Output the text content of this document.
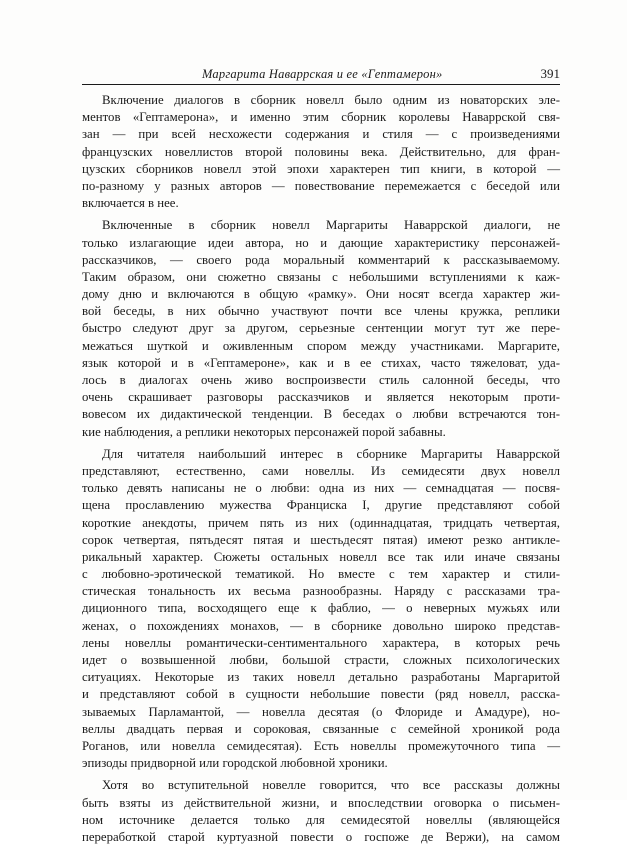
Маргарита Наваррская и ее «Гептамерон»	391
Включение диалогов в сборник новелл было одним из новаторских эле-
ментов «Гептамерона», и именно этим сборник королевы Наваррской свя-
зан — при всей несхожести содержания и стиля — с произведениями
французских новеллистов второй половины века. Действительно, для фран-
цузских сборников новелл этой эпохи характерен тип книги, в которой —
по-разному у разных авторов — повествование перемежается с беседой или
включается в нее.
Включенные в сборник новелл Маргариты Наваррской диалоги, не
только излагающие идеи автора, но и дающие характеристику персонажей-
рассказчиков, — своего рода моральный комментарий к рассказываемому.
Таким образом, они сюжетно связаны с небольшими вступлениями к каж-
дому дню и включаются в общую «рамку». Они носят всегда характер жи-
вой беседы, в них обычно участвуют почти все члены кружка, реплики
быстро следуют друг за другом, серьезные сентенции могут тут же пере-
межаться шуткой и оживленным спором между участниками. Маргарите,
язык которой и в «Гептамероне», как и в ее стихах, часто тяжеловат, уда-
лось в диалогах очень живо воспроизвести стиль салонной беседы, что
очень скрашивает разговоры рассказчиков и является некоторым проти-
вовесом их дидактической тенденции. В беседах о любви встречаются тон-
кие наблюдения, а реплики некоторых персонажей порой забавны.
Для читателя наибольший интерес в сборнике Маргариты Наваррской
представляют, естественно, сами новеллы. Из семидесяти двух новелл
только девять написаны не о любви: одна из них — семнадцатая — посвя-
щена прославлению мужества Франциска I, другие представляют собой
короткие анекдоты, причем пять из них (одиннадцатая, тридцать четвертая,
сорок четвертая, пятьдесят пятая и шестьдесят пятая) имеют резко антикле-
рикальный характер. Сюжеты остальных новелл все так или иначе связаны
с любовно-эротической тематикой. Но вместе с тем характер и стили-
стическая тональность их весьма разнообразны. Наряду с рассказами тра-
диционного типа, восходящего еще к фаблио, — о неверных мужьях или
женах, о похождениях монахов, — в сборнике довольно широко представ-
лены новеллы романтически-сентиментального характера, в которых речь
идет о возвышенной любви, большой страсти, сложных психологических
ситуациях. Некоторые из таких новелл детально разработаны Маргаритой
и представляют собой в сущности небольшие повести (ряд новелл, расска-
зываемых Парламантой, — новелла десятая (о Флориде и Амадуре), но-
веллы двадцать первая и сороковая, связанные с семейной хроникой рода
Роганов, или новелла семидесятая). Есть новеллы промежуточного типа —
эпизоды придворной или городской любовной хроники.
Хотя во вступительной новелле говорится, что все рассказы должны
быть взяты из действительной жизни, и впоследствии оговорка о письмен-
ном источнике делается только для семидесятой новеллы (являющейся
переработкой старой куртуазной повести о госпоже де Вержи), на самом
